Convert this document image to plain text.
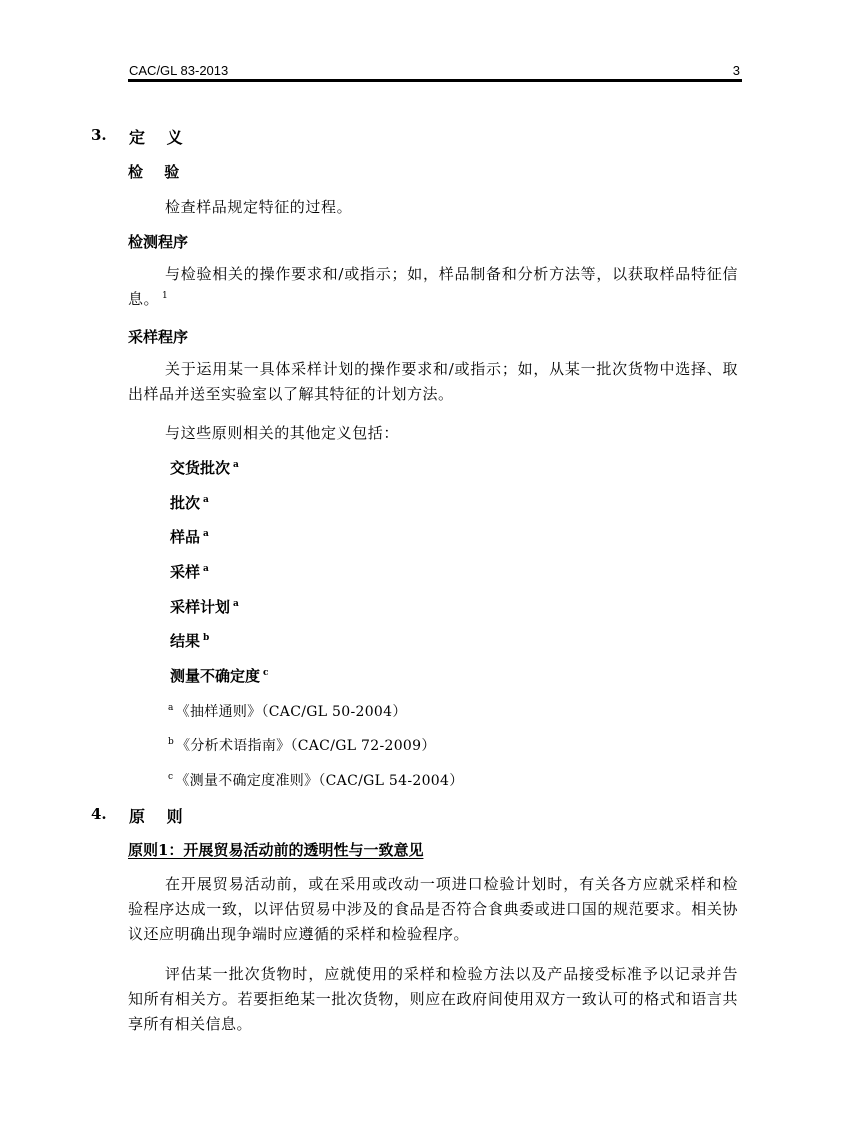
CAC/GL 83-2013	3
3. 定 义
检 验
检查样品规定特征的过程。
检测程序
与检验相关的操作要求和/或指示；如，样品制备和分析方法等，以获取样品特征信息。 $^1$
采样程序
关于运用某一具体采样计划的操作要求和/或指示；如，从某一批次货物中选择、取出样品并送至实验室以了解其特征的计划方法。
与这些原则相关的其他定义包括：
交货批次 $^a$
批次 $^a$
样品 $^a$
采样 $^a$
采样计划 $^a$
结果 $^b$
测量不确定度 $^c$
$^a$ 《抽样通则》（CAC/GL 50-2004）
$^b$ 《分析术语指南》（CAC/GL 72-2009）
$^c$ 《测量不确定度准则》（CAC/GL 54-2004）
4. 原 则
原则1：开展贸易活动前的透明性与一致意见
在开展贸易活动前，或在采用或改动一项进口检验计划时，有关各方应就采样和检验程序达成一致，以评估贸易中涉及的食品是否符合食典委或进口国的规范要求。相关协议还应明确出现争端时应遵循的采样和检验程序。
评估某一批次货物时，应就使用的采样和检验方法以及产品接受标准予以记录并告知所有相关方。若要拒绝某一批次货物，则应在政府间使用双方一致认可的格式和语言共享所有相关信息。
